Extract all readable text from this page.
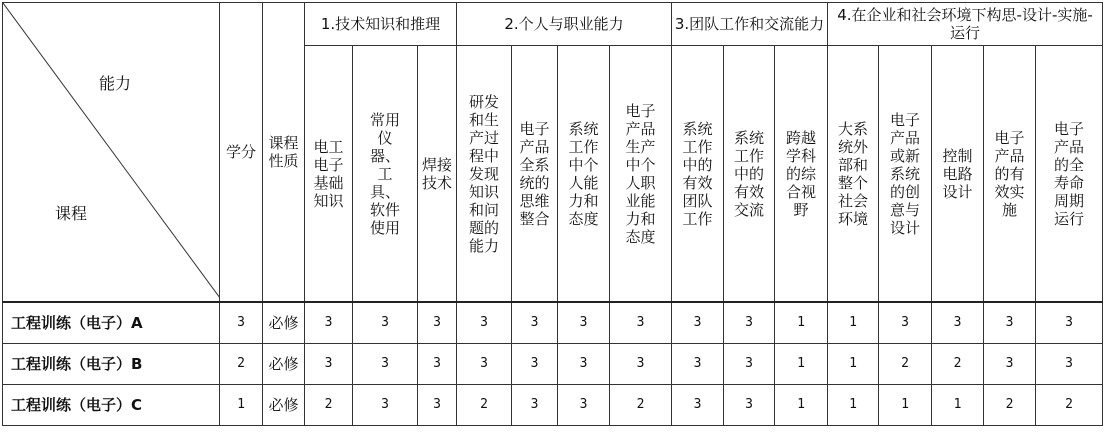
能力
课程	学分	课程性质	1.技术知识和推理			2.个人与职业能力				3.团队工作和交流能力			4.在企业和社会环境下构思-设计-实施-运行				
			电工电子基础知识	常用仪器、工具、软件使用	焊接技术	研发和生产过程中发现知识和问题的能力	电子产品全系统的思维整合	系统工作中个人能力和态度	电子产品生产中个人职业能力和态度	系统工作中的有效团队工作	系统工作中的有效交流	跨越学科的综合视野	大系统外部和整个社会环境	电子产品或新系统的创意与设计	控制电路设计	电子产品的有效实施	电子产品的全寿命周期运行
工程训练（电子）A	3	必修	3	3	3	3	3	3	3	3	3	1	1	3	3	3	3
工程训练（电子）B	2	必修	3	3	3	3	3	3	3	3	3	1	1	2	2	3	3
工程训练（电子）C	1	必修	2	3	3	2	3	3	2	3	3	1	1	1	1	2	2
